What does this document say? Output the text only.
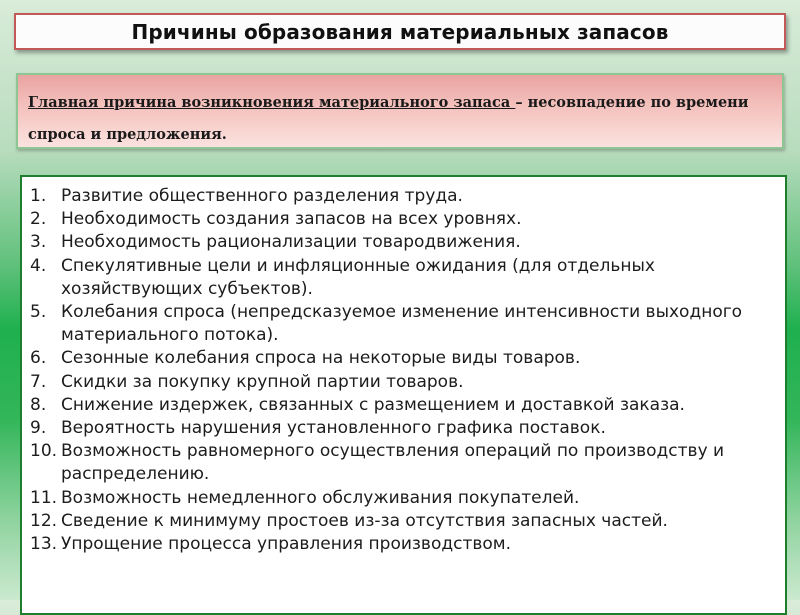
Причины образования материальных запасов

Главная причина возникновения материального запаса – несовпадение по времени спроса и предложения.

1. Развитие общественного разделения труда.
2. Необходимость создания запасов на всех уровнях.
3. Необходимость рационализации товародвижения.
4. Спекулятивные цели и инфляционные ожидания (для отдельных хозяйствующих субъектов).
5. Колебания спроса (непредсказуемое изменение интенсивности выходного материального потока).
6. Сезонные колебания спроса на некоторые виды товаров.
7. Скидки за покупку крупной партии товаров.
8. Снижение издержек, связанных с размещением и доставкой заказа.
9. Вероятность нарушения установленного графика поставок.
10. Возможность равномерного осуществления операций по производству и распределению.
11. Возможность немедленного обслуживания покупателей.
12. Сведение к минимуму простоев из-за отсутствия запасных частей.
13. Упрощение процесса управления производством.
